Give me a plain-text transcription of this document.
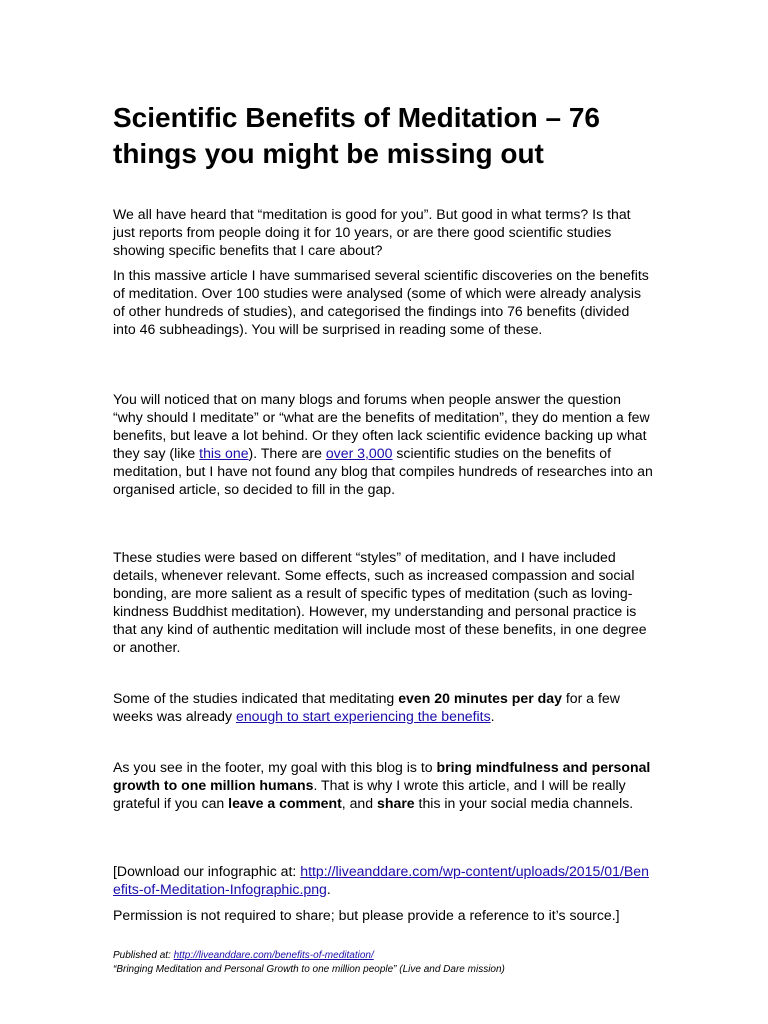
Scientific Benefits of Meditation – 76 things you might be missing out

We all have heard that “meditation is good for you”. But good in what terms? Is that just reports from people doing it for 10 years, or are there good scientific studies showing specific benefits that I care about?

In this massive article I have summarised several scientific discoveries on the benefits of meditation. Over 100 studies were analysed (some of which were already analysis of other hundreds of studies), and categorised the findings into 76 benefits (divided into 46 subheadings). You will be surprised in reading some of these.

You will noticed that on many blogs and forums when people answer the question “why should I meditate” or “what are the benefits of meditation”, they do mention a few benefits, but leave a lot behind. Or they often lack scientific evidence backing up what they say (like this one). There are over 3,000 scientific studies on the benefits of meditation, but I have not found any blog that compiles hundreds of researches into an organised article, so decided to fill in the gap.

These studies were based on different “styles” of meditation, and I have included details, whenever relevant. Some effects, such as increased compassion and social bonding, are more salient as a result of specific types of meditation (such as loving-kindness Buddhist meditation). However, my understanding and personal practice is that any kind of authentic meditation will include most of these benefits, in one degree or another.

Some of the studies indicated that meditating even 20 minutes per day for a few weeks was already enough to start experiencing the benefits.

As you see in the footer, my goal with this blog is to bring mindfulness and personal growth to one million humans. That is why I wrote this article, and I will be really grateful if you can leave a comment, and share this in your social media channels.

[Download our infographic at: http://liveanddare.com/wp-content/uploads/2015/01/Benefits-of-Meditation-Infographic.png.

Permission is not required to share; but please provide a reference to it’s source.]

Published at: http://liveanddare.com/benefits-of-meditation/

“Bringing Meditation and Personal Growth to one million people” (Live and Dare mission)
